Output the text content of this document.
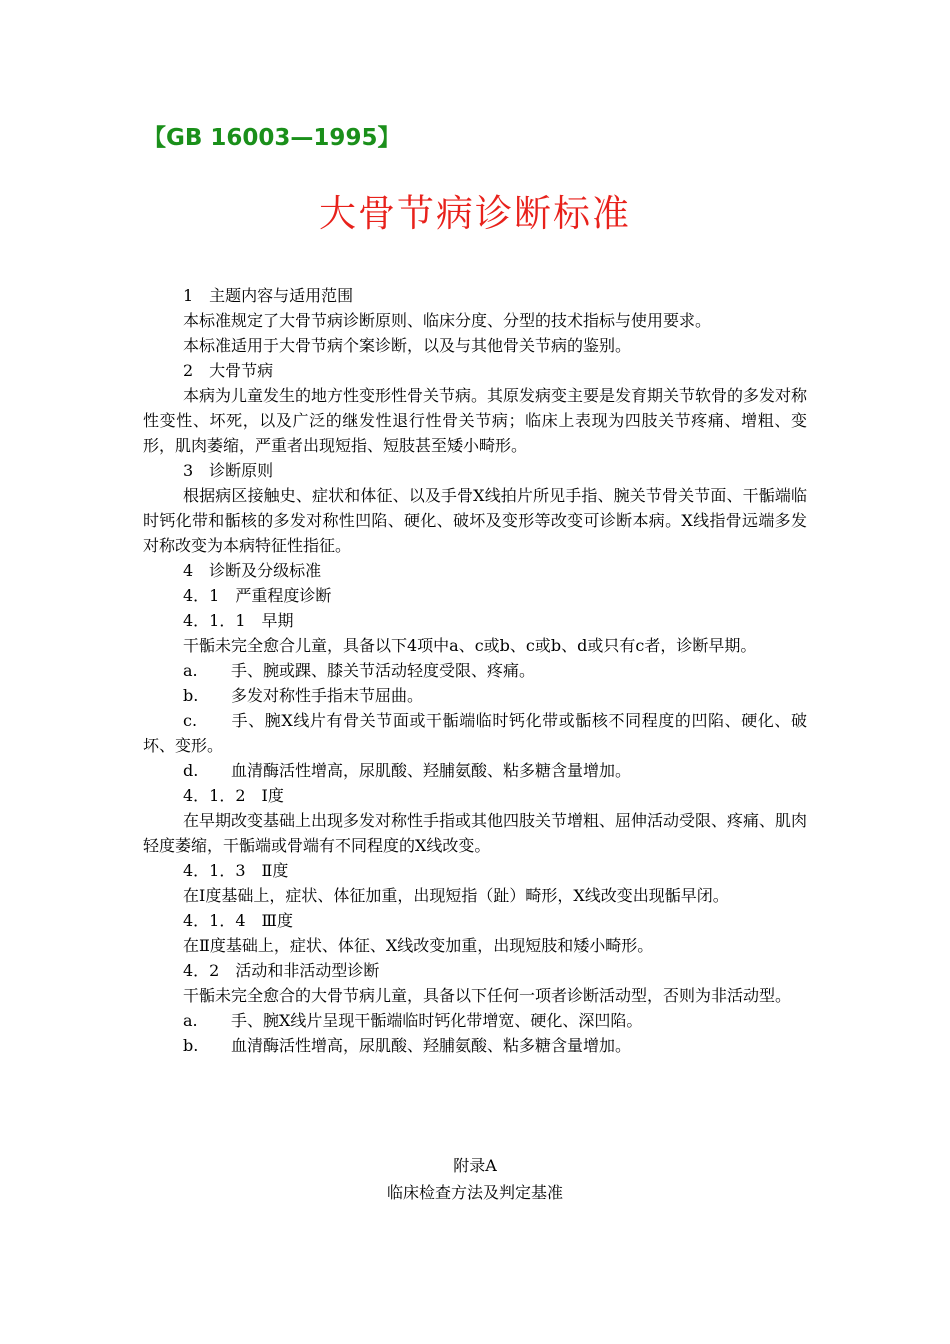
【GB 16003—1995】
大骨节病诊断标准

1　主题内容与适用范围

本标准规定了大骨节病诊断原则、临床分度、分型的技术指标与使用要求。

本标准适用于大骨节病个案诊断，以及与其他骨关节病的鉴别。

2　大骨节病

本病为儿童发生的地方性变形性骨关节病。其原发病变主要是发育期关节软骨的多发对称性变性、坏死，以及广泛的继发性退行性骨关节病；临床上表现为四肢关节疼痛、增粗、变形，肌肉萎缩，严重者出现短指、短肢甚至矮小畸形。

3　诊断原则

根据病区接触史、症状和体征、以及手骨X线拍片所见手指、腕关节骨关节面、干骺端临时钙化带和骺核的多发对称性凹陷、硬化、破坏及变形等改变可诊断本病。X线指骨远端多发对称改变为本病特征性指征。

4　诊断及分级标准

4．1　严重程度诊断

4．1．1　早期

干骺未完全愈合儿童，具备以下4项中a、c或b、c或b、d或只有c者，诊断早期。

a. 手、腕或踝、膝关节活动轻度受限、疼痛。

b. 多发对称性手指末节屈曲。

c. 手、腕X线片有骨关节面或干骺端临时钙化带或骺核不同程度的凹陷、硬化、破坏、变形。

d. 血清酶活性增高，尿肌酸、羟脯氨酸、粘多糖含量增加。

4．1．2　Ⅰ度

在早期改变基础上出现多发对称性手指或其他四肢关节增粗、屈伸活动受限、疼痛、肌肉轻度萎缩，干骺端或骨端有不同程度的X线改变。

4．1．3　Ⅱ度

在Ⅰ度基础上，症状、体征加重，出现短指（趾）畸形，X线改变出现骺早闭。

4．1．4　Ⅲ度

在Ⅱ度基础上，症状、体征、X线改变加重，出现短肢和矮小畸形。

4．2　活动和非活动型诊断

干骺未完全愈合的大骨节病儿童，具备以下任何一项者诊断活动型，否则为非活动型。

a. 手、腕X线片呈现干骺端临时钙化带增宽、硬化、深凹陷。

b. 血清酶活性增高，尿肌酸、羟脯氨酸、粘多糖含量增加。

附录A

临床检查方法及判定基准
